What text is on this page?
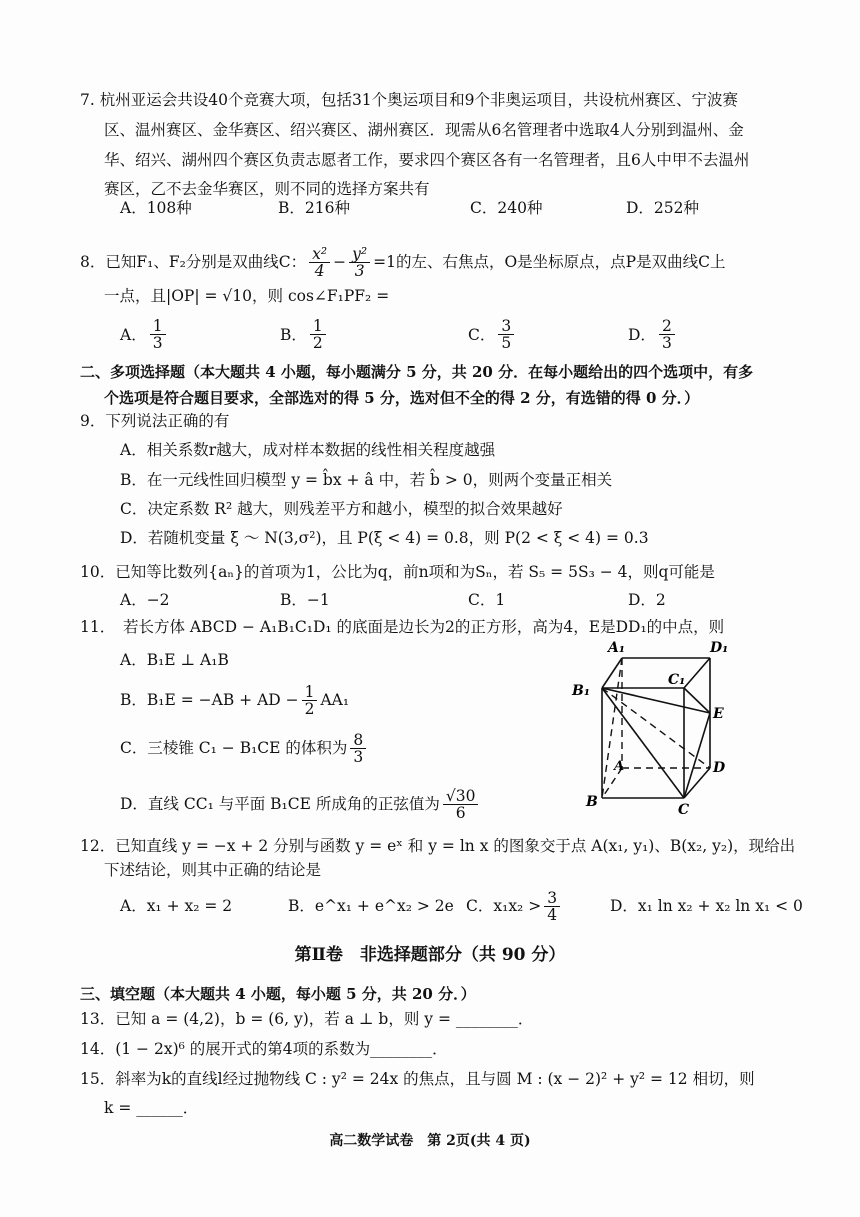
7. 杭州亚运会共设40个竞赛大项，包括31个奥运项目和9个非奥运项目，共设杭州赛区、宁波赛
区、温州赛区、金华赛区、绍兴赛区、湖州赛区．现需从6名管理者中选取4人分别到温州、金
华、绍兴、湖州四个赛区负责志愿者工作，要求四个赛区各有一名管理者，且6人中甲不去温州
赛区，乙不去金华赛区，则不同的选择方案共有
A．108种	B．216种	C．240种	D．252种
8．已知F₁、F₂分别是双曲线C： $\frac{\text{x²}}{4} - \frac{\text{y²}}{3} =1$的左、右焦点，O是坐标原点，点P是双曲线C上
一点，且|OP| = √10，则 cos∠F₁PF₂ =
A． $\frac{1}{3}$	B． $\frac{1}{2}$	C． $\frac{3}{5}$	D． $\frac{2}{3}$
二、多项选择题（本大题共 4 小题，每小题满分 5 分，共 20 分．在每小题给出的四个选项中，有多
个选项是符合题目要求，全部选对的得 5 分，选对但不全的得 2 分，有选错的得 0 分．）
9．下列说法正确的有
A．相关系数r越大，成对样本数据的线性相关程度越强
B．在一元线性回归模型 y = b̂x + â 中，若 b̂ > 0，则两个变量正相关
C．决定系数 R² 越大，则残差平方和越小，模型的拟合效果越好
D．若随机变量 ξ ～ N(3,σ²)，且 P(ξ < 4) = 0.8，则 P(2 < ξ < 4) = 0.3
10．已知等比数列{aₙ}的首项为1，公比为q，前n项和为Sₙ，若 S₅ = 5S₃ − 4，则q可能是
A．−2	B．−1	C．1	D．2
11．　若长方体 ABCD − A₁B₁C₁D₁ 的底面是边长为2的正方形，高为4，E是DD₁的中点，则
A．B₁E ⊥ A₁B
B．B₁E = −AB + AD − $\frac{1}{2} AA_1$
C．三棱锥 C₁ − B₁CE 的体积为 $\frac{8}{3}$
D．直线 CC₁ 与平面 B₁CE 所成角的正弦值为 $\frac{√30}{6}$
A₁	D₁
C₁
B₁
E
A	D
B	C
12．已知直线 y = −x + 2 分别与函数 y = eˣ 和 y = ln x 的图象交于点 A(x₁, y₁)、B(x₂, y₂)，现给出
下述结论，则其中正确的结论是
A．x₁ + x₂ = 2	B．e^x₁ + e^x₂ > 2e C．$x_1x_2 > \frac{3}{4}$	D．x₁ ln x₂ + x₂ ln x₁ < 0
第Ⅱ卷　非选择题部分（共 90 分）
三、填空题（本大题共 4 小题，每小题 5 分，共 20 分．）
13．已知 a = (4,2)，b = (6, y)，若 a ⊥ b，则 y = ________．
14．(1 − 2x)⁶ 的展开式的第4项的系数为________．
15．斜率为k的直线l经过抛物线 C : y² = 24x 的焦点，且与圆 M : (x − 2)² + y² = 12 相切，则
k = ______．
高二数学试卷　第 2页(共 4 页)
